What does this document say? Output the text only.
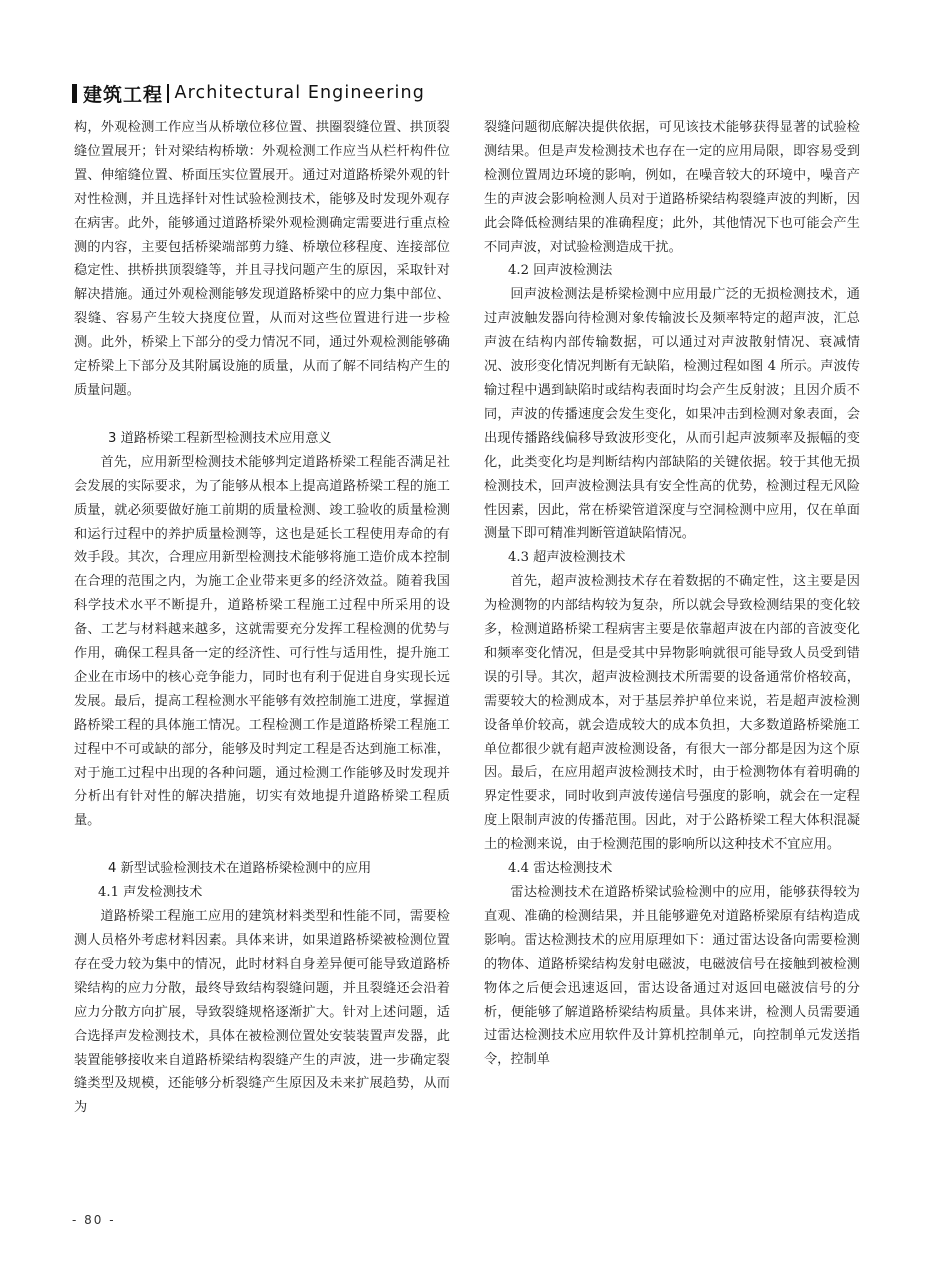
建筑工程 Architectural Engineering

构，外观检测工作应当从桥墩位移位置、拱圈裂缝位置、拱顶裂缝位置展开；针对梁结构桥墩：外观检测工作应当从栏杆构件位置、伸缩缝位置、桥面压实位置展开。通过对道路桥梁外观的针对性检测，并且选择针对性试验检测技术，能够及时发现外观存在病害。此外，能够通过道路桥梁外观检测确定需要进行重点检测的内容，主要包括桥梁端部剪力缝、桥墩位移程度、连接部位稳定性、拱桥拱顶裂缝等，并且寻找问题产生的原因，采取针对解决措施。通过外观检测能够发现道路桥梁中的应力集中部位、裂缝、容易产生较大挠度位置，从而对这些位置进行进一步检测。此外，桥梁上下部分的受力情况不同，通过外观检测能够确定桥梁上下部分及其附属设施的质量，从而了解不同结构产生的质量问题。

3 道路桥梁工程新型检测技术应用意义

首先，应用新型检测技术能够判定道路桥梁工程能否满足社会发展的实际要求，为了能够从根本上提高道路桥梁工程的施工质量，就必须要做好施工前期的质量检测、竣工验收的质量检测和运行过程中的养护质量检测等，这也是延长工程使用寿命的有效手段。其次，合理应用新型检测技术能够将施工造价成本控制在合理的范围之内，为施工企业带来更多的经济效益。随着我国科学技术水平不断提升，道路桥梁工程施工过程中所采用的设备、工艺与材料越来越多，这就需要充分发挥工程检测的优势与作用，确保工程具备一定的经济性、可行性与适用性，提升施工企业在市场中的核心竞争能力，同时也有利于促进自身实现长远发展。最后，提高工程检测水平能够有效控制施工进度，掌握道路桥梁工程的具体施工情况。工程检测工作是道路桥梁工程施工过程中不可或缺的部分，能够及时判定工程是否达到施工标准，对于施工过程中出现的各种问题，通过检测工作能够及时发现并分析出有针对性的解决措施，切实有效地提升道路桥梁工程质量。

4 新型试验检测技术在道路桥梁检测中的应用
4.1 声发检测技术

道路桥梁工程施工应用的建筑材料类型和性能不同，需要检测人员格外考虑材料因素。具体来讲，如果道路桥梁被检测位置存在受力较为集中的情况，此时材料自身差异便可能导致道路桥梁结构的应力分散，最终导致结构裂缝问题，并且裂缝还会沿着应力分散方向扩展，导致裂缝规格逐渐扩大。针对上述问题，适合选择声发检测技术，具体在被检测位置处安装装置声发器，此装置能够接收来自道路桥梁结构裂缝产生的声波，进一步确定裂缝类型及规模，还能够分析裂缝产生原因及未来扩展趋势，从而为

裂缝问题彻底解决提供依据，可见该技术能够获得显著的试验检测结果。但是声发检测技术也存在一定的应用局限，即容易受到检测位置周边环境的影响，例如，在噪音较大的环境中，噪音产生的声波会影响检测人员对于道路桥梁结构裂缝声波的判断，因此会降低检测结果的准确程度；此外，其他情况下也可能会产生不同声波，对试验检测造成干扰。

4.2 回声波检测法

回声波检测法是桥梁检测中应用最广泛的无损检测技术，通过声波触发器向待检测对象传输波长及频率特定的超声波，汇总声波在结构内部传输数据，可以通过对声波散射情况、衰减情况、波形变化情况判断有无缺陷，检测过程如图 4 所示。声波传输过程中遇到缺陷时或结构表面时均会产生反射波；且因介质不同，声波的传播速度会发生变化，如果冲击到检测对象表面，会出现传播路线偏移导致波形变化，从而引起声波频率及振幅的变化，此类变化均是判断结构内部缺陷的关键依据。较于其他无损检测技术，回声波检测法具有安全性高的优势，检测过程无风险性因素，因此，常在桥梁管道深度与空洞检测中应用，仅在单面测量下即可精准判断管道缺陷情况。

4.3 超声波检测技术

首先，超声波检测技术存在着数据的不确定性，这主要是因为检测物的内部结构较为复杂，所以就会导致检测结果的变化较多，检测道路桥梁工程病害主要是依靠超声波在内部的音波变化和频率变化情况，但是受其中异物影响就很可能导致人员受到错误的引导。其次，超声波检测技术所需要的设备通常价格较高，需要较大的检测成本，对于基层养护单位来说，若是超声波检测设备单价较高，就会造成较大的成本负担，大多数道路桥梁施工单位都很少就有超声波检测设备，有很大一部分都是因为这个原因。最后，在应用超声波检测技术时，由于检测物体有着明确的界定性要求，同时收到声波传递信号强度的影响，就会在一定程度上限制声波的传播范围。因此，对于公路桥梁工程大体积混凝土的检测来说，由于检测范围的影响所以这种技术不宜应用。

4.4 雷达检测技术

雷达检测技术在道路桥梁试验检测中的应用，能够获得较为直观、准确的检测结果，并且能够避免对道路桥梁原有结构造成影响。雷达检测技术的应用原理如下：通过雷达设备向需要检测的物体、道路桥梁结构发射电磁波，电磁波信号在接触到被检测物体之后便会迅速返回，雷达设备通过对返回电磁波信号的分析，便能够了解道路桥梁结构质量。具体来讲，检测人员需要通过雷达检测技术应用软件及计算机控制单元，向控制单元发送指令，控制单

- 80 -
